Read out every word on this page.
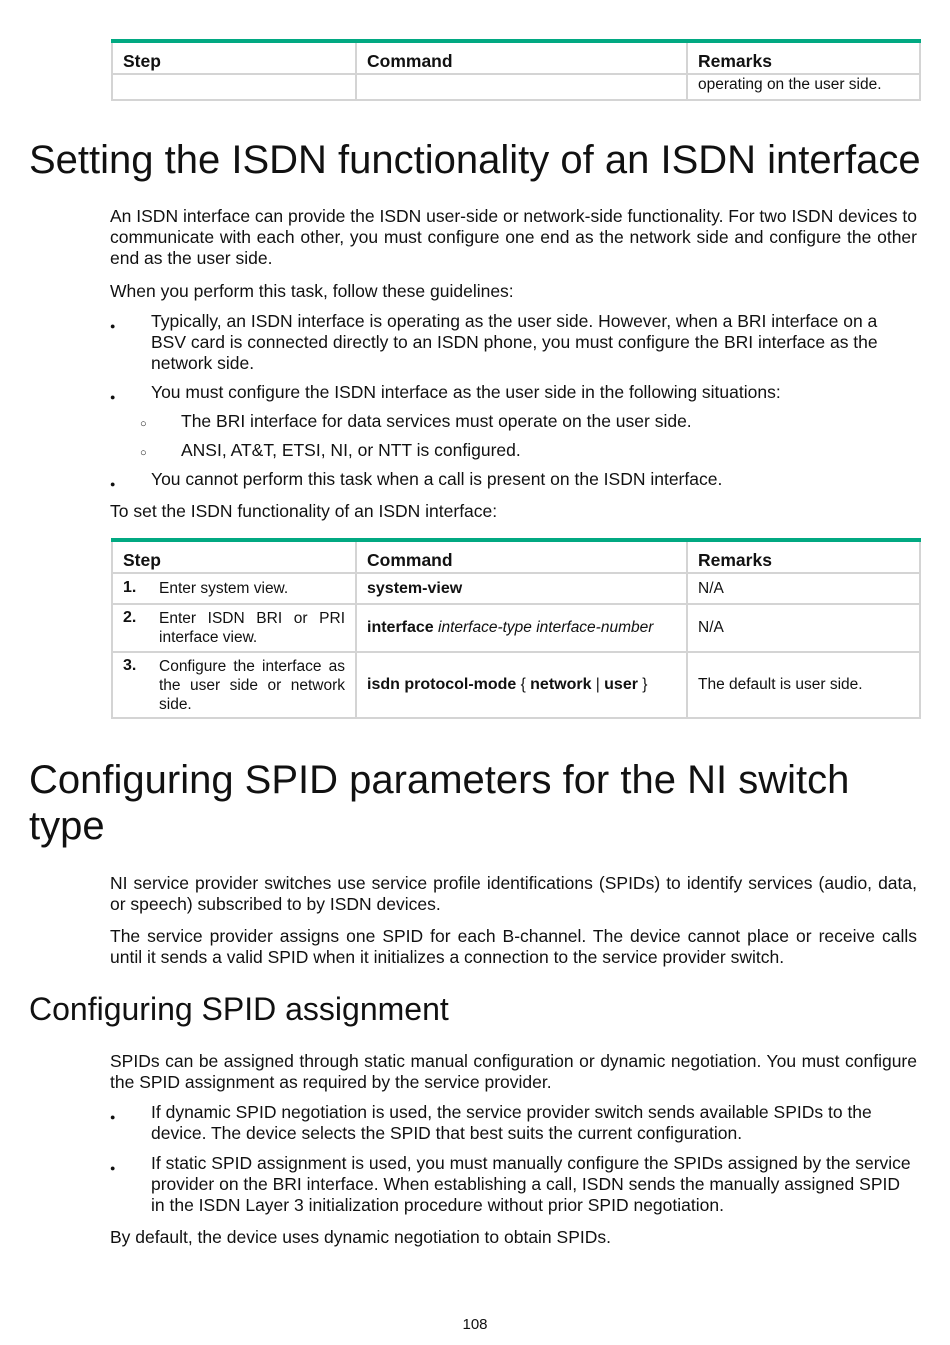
Step	Command	Remarks
		operating on the user side.
Setting the ISDN functionality of an ISDN interface

An ISDN interface can provide the ISDN user-side or network-side functionality. For two ISDN devices to communicate with each other, you must configure one end as the network side and configure the other end as the user side.

When you perform this task, follow these guidelines:

●	Typically, an ISDN interface is operating as the user side. However, when a BRI interface on a BSV card is connected directly to an ISDN phone, you must configure the BRI interface as the network side.
●	You must configure the ISDN interface as the user side in the following situations:
○ The BRI interface for data services must operate on the user side.
○ ANSI, AT&T, ETSI, NI, or NTT is configured.
●	You cannot perform this task when a call is present on the ISDN interface.

To set the ISDN functionality of an ISDN interface:

Step	Command	Remarks

1. Enter system view.	system-view	N/A

2. Enter ISDN BRI or PRI interface view.	interface interface-type interface-number	N/A

3. Configure the interface as the user side or network side.	isdn protocol-mode { network | user }	The default is user side.
Configuring SPID parameters for the NI switch type

NI service provider switches use service profile identifications (SPIDs) to identify services (audio, data, or speech) subscribed to by ISDN devices.

The service provider assigns one SPID for each B-channel. The device cannot place or receive calls until it sends a valid SPID when it initializes a connection to the service provider switch.

Configuring SPID assignment

SPIDs can be assigned through static manual configuration or dynamic negotiation. You must configure the SPID assignment as required by the service provider.

●	If dynamic SPID negotiation is used, the service provider switch sends available SPIDs to the device. The device selects the SPID that best suits the current configuration.
●	If static SPID assignment is used, you must manually configure the SPIDs assigned by the service provider on the BRI interface. When establishing a call, ISDN sends the manually assigned SPID in the ISDN Layer 3 initialization procedure without prior SPID negotiation.

By default, the device uses dynamic negotiation to obtain SPIDs.

108
